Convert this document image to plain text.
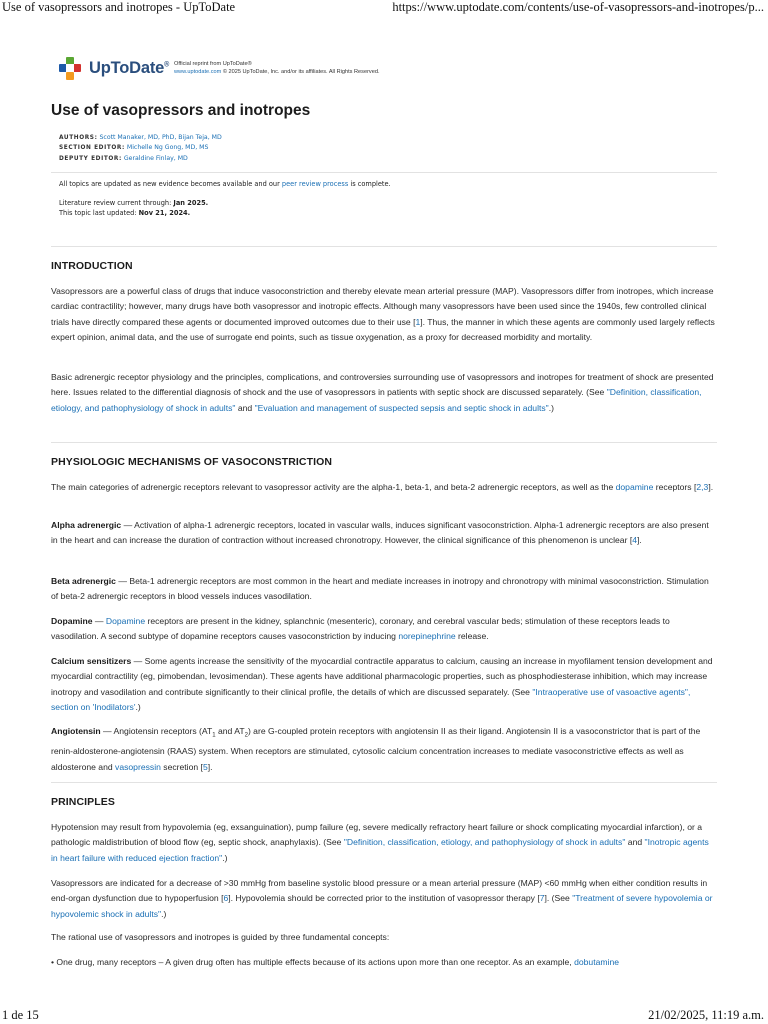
Use of vasopressors and inotropes - UpToDate	https://www.uptodate.com/contents/use-of-vasopressors-and-inotropes/p...
UpToDate® Official reprint from UpToDate®
www.uptodate.com © 2025 UpToDate, Inc. and/or its affiliates. All Rights Reserved.
Use of vasopressors and inotropes
AUTHORS: Scott Manaker, MD, PhD, Bijan Teja, MD
SECTION EDITOR: Michelle Ng Gong, MD, MS
DEPUTY EDITOR: Geraldine Finlay, MD
All topics are updated as new evidence becomes available and our peer review process is complete.
Literature review current through: Jan 2025.
This topic last updated: Nov 21, 2024.
INTRODUCTION
Vasopressors are a powerful class of drugs that induce vasoconstriction and thereby elevate mean arterial pressure (MAP). Vasopressors differ from inotropes, which increase cardiac contractility; however, many drugs have both vasopressor and inotropic effects. Although many vasopressors have been used since the 1940s, few controlled clinical trials have directly compared these agents or documented improved outcomes due to their use [1]. Thus, the manner in which these agents are commonly used largely reflects expert opinion, animal data, and the use of surrogate end points, such as tissue oxygenation, as a proxy for decreased morbidity and mortality.
Basic adrenergic receptor physiology and the principles, complications, and controversies surrounding use of vasopressors and inotropes for treatment of shock are presented here. Issues related to the differential diagnosis of shock and the use of vasopressors in patients with septic shock are discussed separately. (See "Definition, classification, etiology, and pathophysiology of shock in adults" and "Evaluation and management of suspected sepsis and septic shock in adults".)
PHYSIOLOGIC MECHANISMS OF VASOCONSTRICTION
The main categories of adrenergic receptors relevant to vasopressor activity are the alpha-1, beta-1, and beta-2 adrenergic receptors, as well as the dopamine receptors [2,3].
Alpha adrenergic — Activation of alpha-1 adrenergic receptors, located in vascular walls, induces significant vasoconstriction. Alpha-1 adrenergic receptors are also present in the heart and can increase the duration of contraction without increased chronotropy. However, the clinical significance of this phenomenon is unclear [4].
Beta adrenergic — Beta-1 adrenergic receptors are most common in the heart and mediate increases in inotropy and chronotropy with minimal vasoconstriction. Stimulation of beta-2 adrenergic receptors in blood vessels induces vasodilation.
Dopamine — Dopamine receptors are present in the kidney, splanchnic (mesenteric), coronary, and cerebral vascular beds; stimulation of these receptors leads to vasodilation. A second subtype of dopamine receptors causes vasoconstriction by inducing norepinephrine release.
Calcium sensitizers — Some agents increase the sensitivity of the myocardial contractile apparatus to calcium, causing an increase in myofilament tension development and myocardial contractility (eg, pimobendan, levosimendan). These agents have additional pharmacologic properties, such as phosphodiesterase inhibition, which may increase inotropy and vasodilation and contribute significantly to their clinical profile, the details of which are discussed separately. (See "Intraoperative use of vasoactive agents", section on 'Inodilators'.)
Angiotensin — Angiotensin receptors ($AT_1$ and $AT_2$) are G-coupled protein receptors with angiotensin II as their ligand. Angiotensin II is a vasoconstrictor that is part of the renin-aldosterone-angiotensin (RAAS) system. When receptors are stimulated, cytosolic calcium concentration increases to mediate vasoconstrictive effects as well as aldosterone and vasopressin secretion [5].
PRINCIPLES
Hypotension may result from hypovolemia (eg, exsanguination), pump failure (eg, severe medically refractory heart failure or shock complicating myocardial infarction), or a pathologic maldistribution of blood flow (eg, septic shock, anaphylaxis). (See "Definition, classification, etiology, and pathophysiology of shock in adults" and "Inotropic agents in heart failure with reduced ejection fraction".)
Vasopressors are indicated for a decrease of >30 mmHg from baseline systolic blood pressure or a mean arterial pressure (MAP) <60 mmHg when either condition results in end-organ dysfunction due to hypoperfusion [6]. Hypovolemia should be corrected prior to the institution of vasopressor therapy [7]. (See "Treatment of severe hypovolemia or hypovolemic shock in adults".)
The rational use of vasopressors and inotropes is guided by three fundamental concepts:
• One drug, many receptors – A given drug often has multiple effects because of its actions upon more than one receptor. As an example, dobutamine
1 de 15	21/02/2025, 11:19 a.m.
